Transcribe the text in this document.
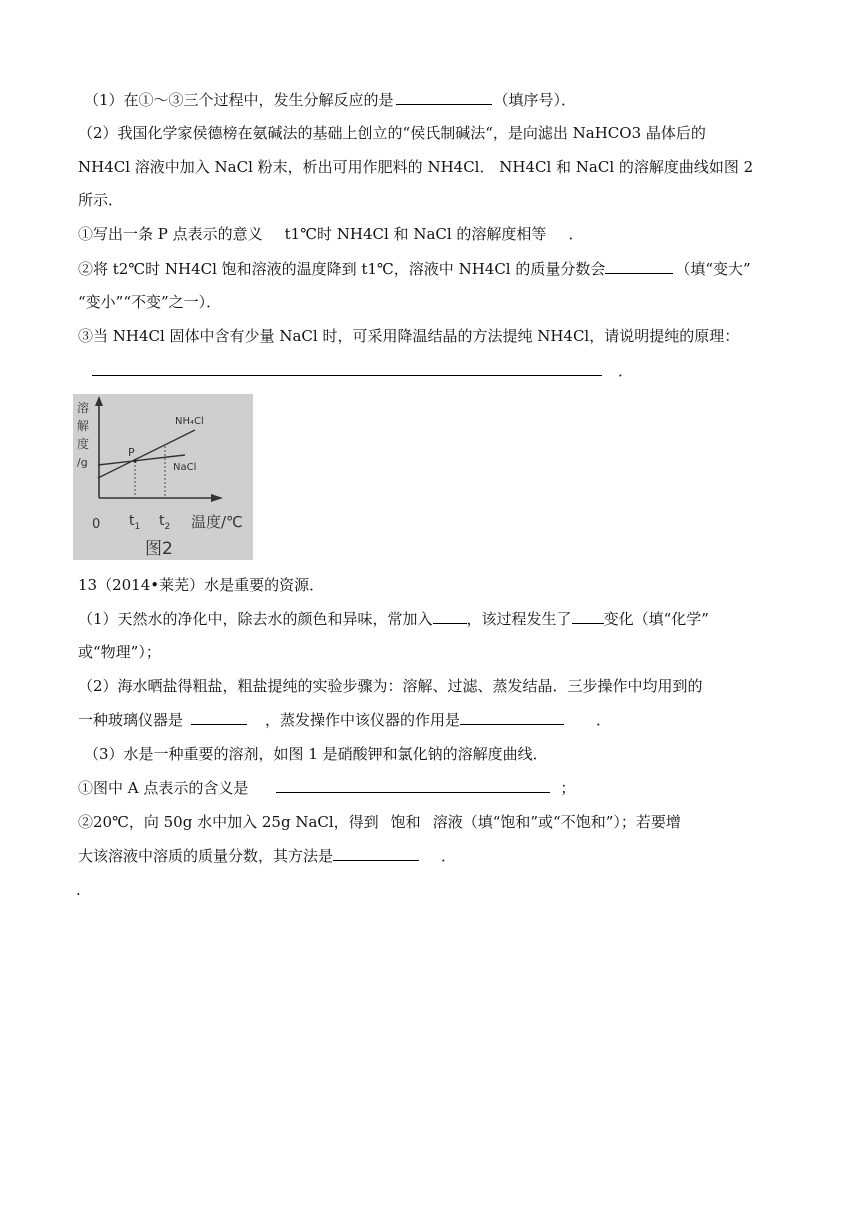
（1）在①～③三个过程中，发生分解反应的是	（填序号）．
（2）我国化学家侯德榜在氨碱法的基础上创立的“侯氏制碱法“，是向滤出 NaHCO3 晶体后的
NH4Cl 溶液中加入 NaCl 粉末，析出可用作肥料的 NH4Cl． NH4Cl 和 NaCl 的溶解度曲线如图 2
所示．
①写出一条 P 点表示的意义 t1℃时 NH4Cl 和 NaCl 的溶解度相等 ．
②将 t2℃时 NH4Cl 饱和溶液的温度降到 t1℃，溶液中 NH4Cl 的质量分数会	（填“变大”
“变小”“不变”之一）．
③当 NH4Cl 固体中含有少量 NaCl 时，可采用降温结晶的方法提纯 NH4Cl，请说明提纯的原理：
．
溶
解
度
/g
NH₄Cl
NaCl
P
0 $t_1$ $t_2$ 温度/℃
图2
13（2014•莱芜）水是重要的资源．
（1）天然水的净化中，除去水的颜色和异味，常加入 ，该过程发生了 变化（填“化学”
或“物理”）；
（2）海水晒盐得粗盐，粗盐提纯的实验步骤为：溶解、过滤、蒸发结晶．三步操作中均用到的
一种玻璃仪器是	，蒸发操作中该仪器的作用是	．
（3）水是一种重要的溶剂，如图 1 是硝酸钾和氯化钠的溶解度曲线．
①图中 A 点表示的含义是	；
②20℃，向 50g 水中加入 25g NaCl，得到 饱和 溶液（填“饱和”或“不饱和”）；若要增
大该溶液中溶质的质量分数，其方法是	．
.
